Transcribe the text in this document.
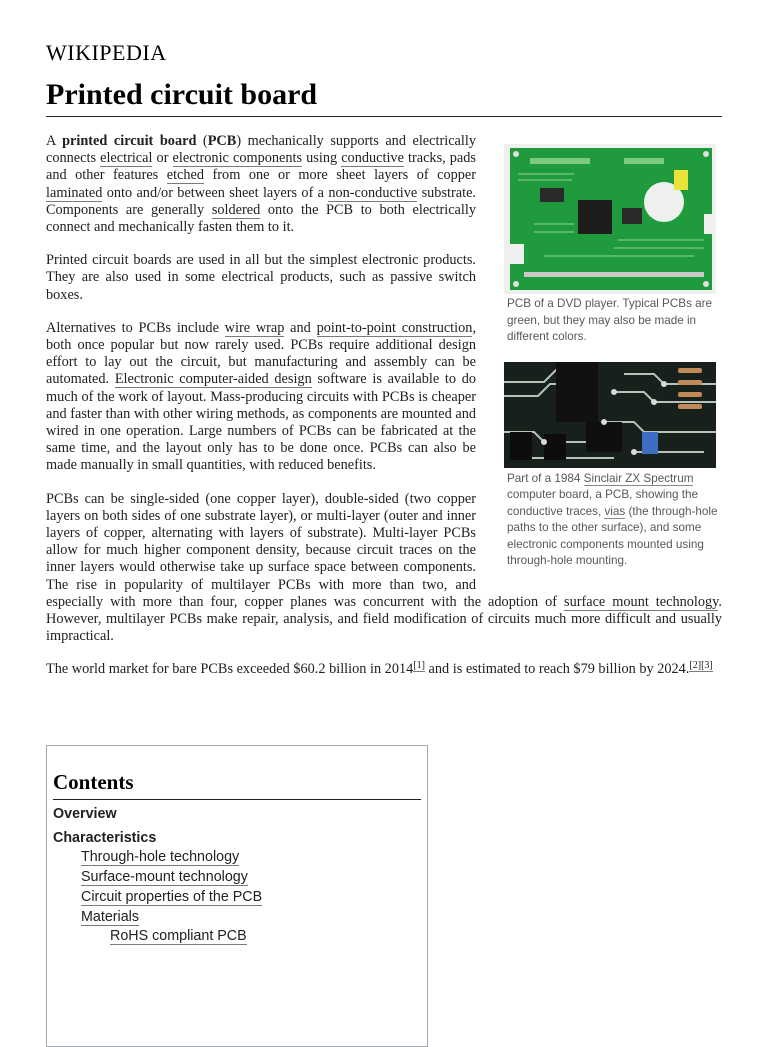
WIKIPEDIA
Printed circuit board
PCB of a DVD player. Typical PCBs are green, but they may also be made in different colors.

A printed circuit board (PCB) mechanically supports and electrically connects electrical or electronic components using conductive tracks, pads and other features etched from one or more sheet layers of copper laminated onto and/or between sheet layers of a non-conductive substrate. Components are generally soldered onto the PCB to both electrically connect and mechanically fasten them to it.

Printed circuit boards are used in all but the simplest electronic products. They are also used in some electrical products, such as passive switch boxes.

Part of a 1984 Sinclair ZX Spectrum computer board, a PCB, showing the conductive traces, vias (the through-hole paths to the other surface), and some electronic components mounted using through-hole mounting.

Alternatives to PCBs include wire wrap and point-to-point construction, both once popular but now rarely used. PCBs require additional design effort to lay out the circuit, but manufacturing and assembly can be automated. Electronic computer-aided design software is available to do much of the work of layout. Mass-producing circuits with PCBs is cheaper and faster than with other wiring methods, as components are mounted and wired in one operation. Large numbers of PCBs can be fabricated at the same time, and the layout only has to be done once. PCBs can also be made manually in small quantities, with reduced benefits.

PCBs can be single-sided (one copper layer), double-sided (two copper layers on both sides of one substrate layer), or multi-layer (outer and inner layers of copper, alternating with layers of substrate). Multi-layer PCBs allow for much higher component density, because circuit traces on the inner layers would otherwise take up surface space between components. The rise in popularity of multilayer PCBs with more than two, and especially with more than four, copper planes was concurrent with the adoption of surface mount technology. However, multilayer PCBs make repair, analysis, and field modification of circuits much more difficult and usually impractical.

The world market for bare PCBs exceeded $60.2 billion in 2014[1] and is estimated to reach $79 billion by 2024.[2][3]

Contents
Overview
Characteristics
Through-hole technology
Surface-mount technology
Circuit properties of the PCB
Materials
RoHS compliant PCB
